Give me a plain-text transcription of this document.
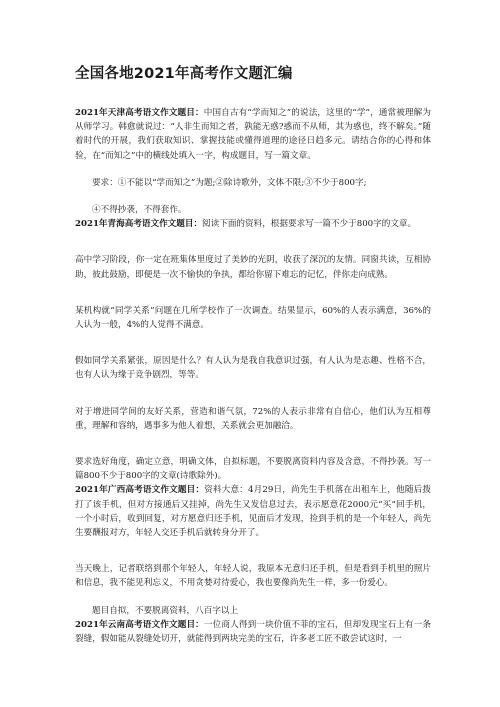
全国各地2021年高考作文题汇编

2021年天津高考语文作文题目：中国自古有“学而知之”的说法，这里的“学”，通常被理解为从师学习。韩愈就说过：“人非生而知之者，孰能无惑?惑而不从师，其为惑也，终不解矣。”随着时代的开展，我们获取知识、掌握技能或懂得道理的途径日趋多元。请结合你的心得和体验，在“而知之”中的横线处填入一字，构成题目，写一篇文章。

要求：①不能以“学而知之”为题;②除诗歌外，文体不限;③不少于800字;

④不得抄袭，不得套作。

2021年青海高考语文作文题目：阅读下面的资料，根据要求写一篇不少于800字的文章。

高中学习阶段，你一定在班集体里度过了美妙的光阴，收获了深沉的友情。同窗共读，互相协助，彼此鼓励，即便是一次不愉快的争执，都给你留下难忘的记忆，伴你走向成熟。

某机构就“同学关系”问题在几所学校作了一次调查。结果显示，60%的人表示满意，36%的人认为一般，4%的人觉得不满意。

假如同学关系紧张，原因是什么？有人认为是我自我意识过强，有人认为是志趣、性格不合，也有人认为缘于竞争剧烈，等等。

对于增进同学间的友好关系，营造和谐气氛，72%的人表示非常有自信心，他们认为互相尊重，理解和容纳，遇事多为他人着想，关系就会更加融洽。

要求选好角度，确定立意，明确文体，自拟标题，不要脱离资料内容及含意，不得抄袭。写一篇800不少于800字的文章(诗歌除外)。

2021年广西高考语文作文题目：资料大意：4月29日，尚先生手机落在出租车上，他随后拨打了该手机，但对方接通后又挂掉，尚先生又发信息过去，表示愿意花2000元“买”回手机，一个小时后，收到回复，对方愿意归还手机，见面后才发现，捡到手机的是一个年轻人，尚先生要酬报对方，年轻人交还手机后就转身分开了。

当天晚上，记者联络到那个年轻人，年轻人说，我原本无意归还手机，但是看到手机里的照片和信息，我不能见利忘义，不用贪婪对待爱心，我也要像尚先生一样，多一份爱心。

题目自拟，不要脱离资料，八百字以上

2021年云南高考语文作文题目：一位商人得到一块价值不菲的宝石，但却发现宝石上有一条裂缝，假如能从裂缝处切开，就能得到两块完美的宝石，许多老工匠不敢尝试这时，一
